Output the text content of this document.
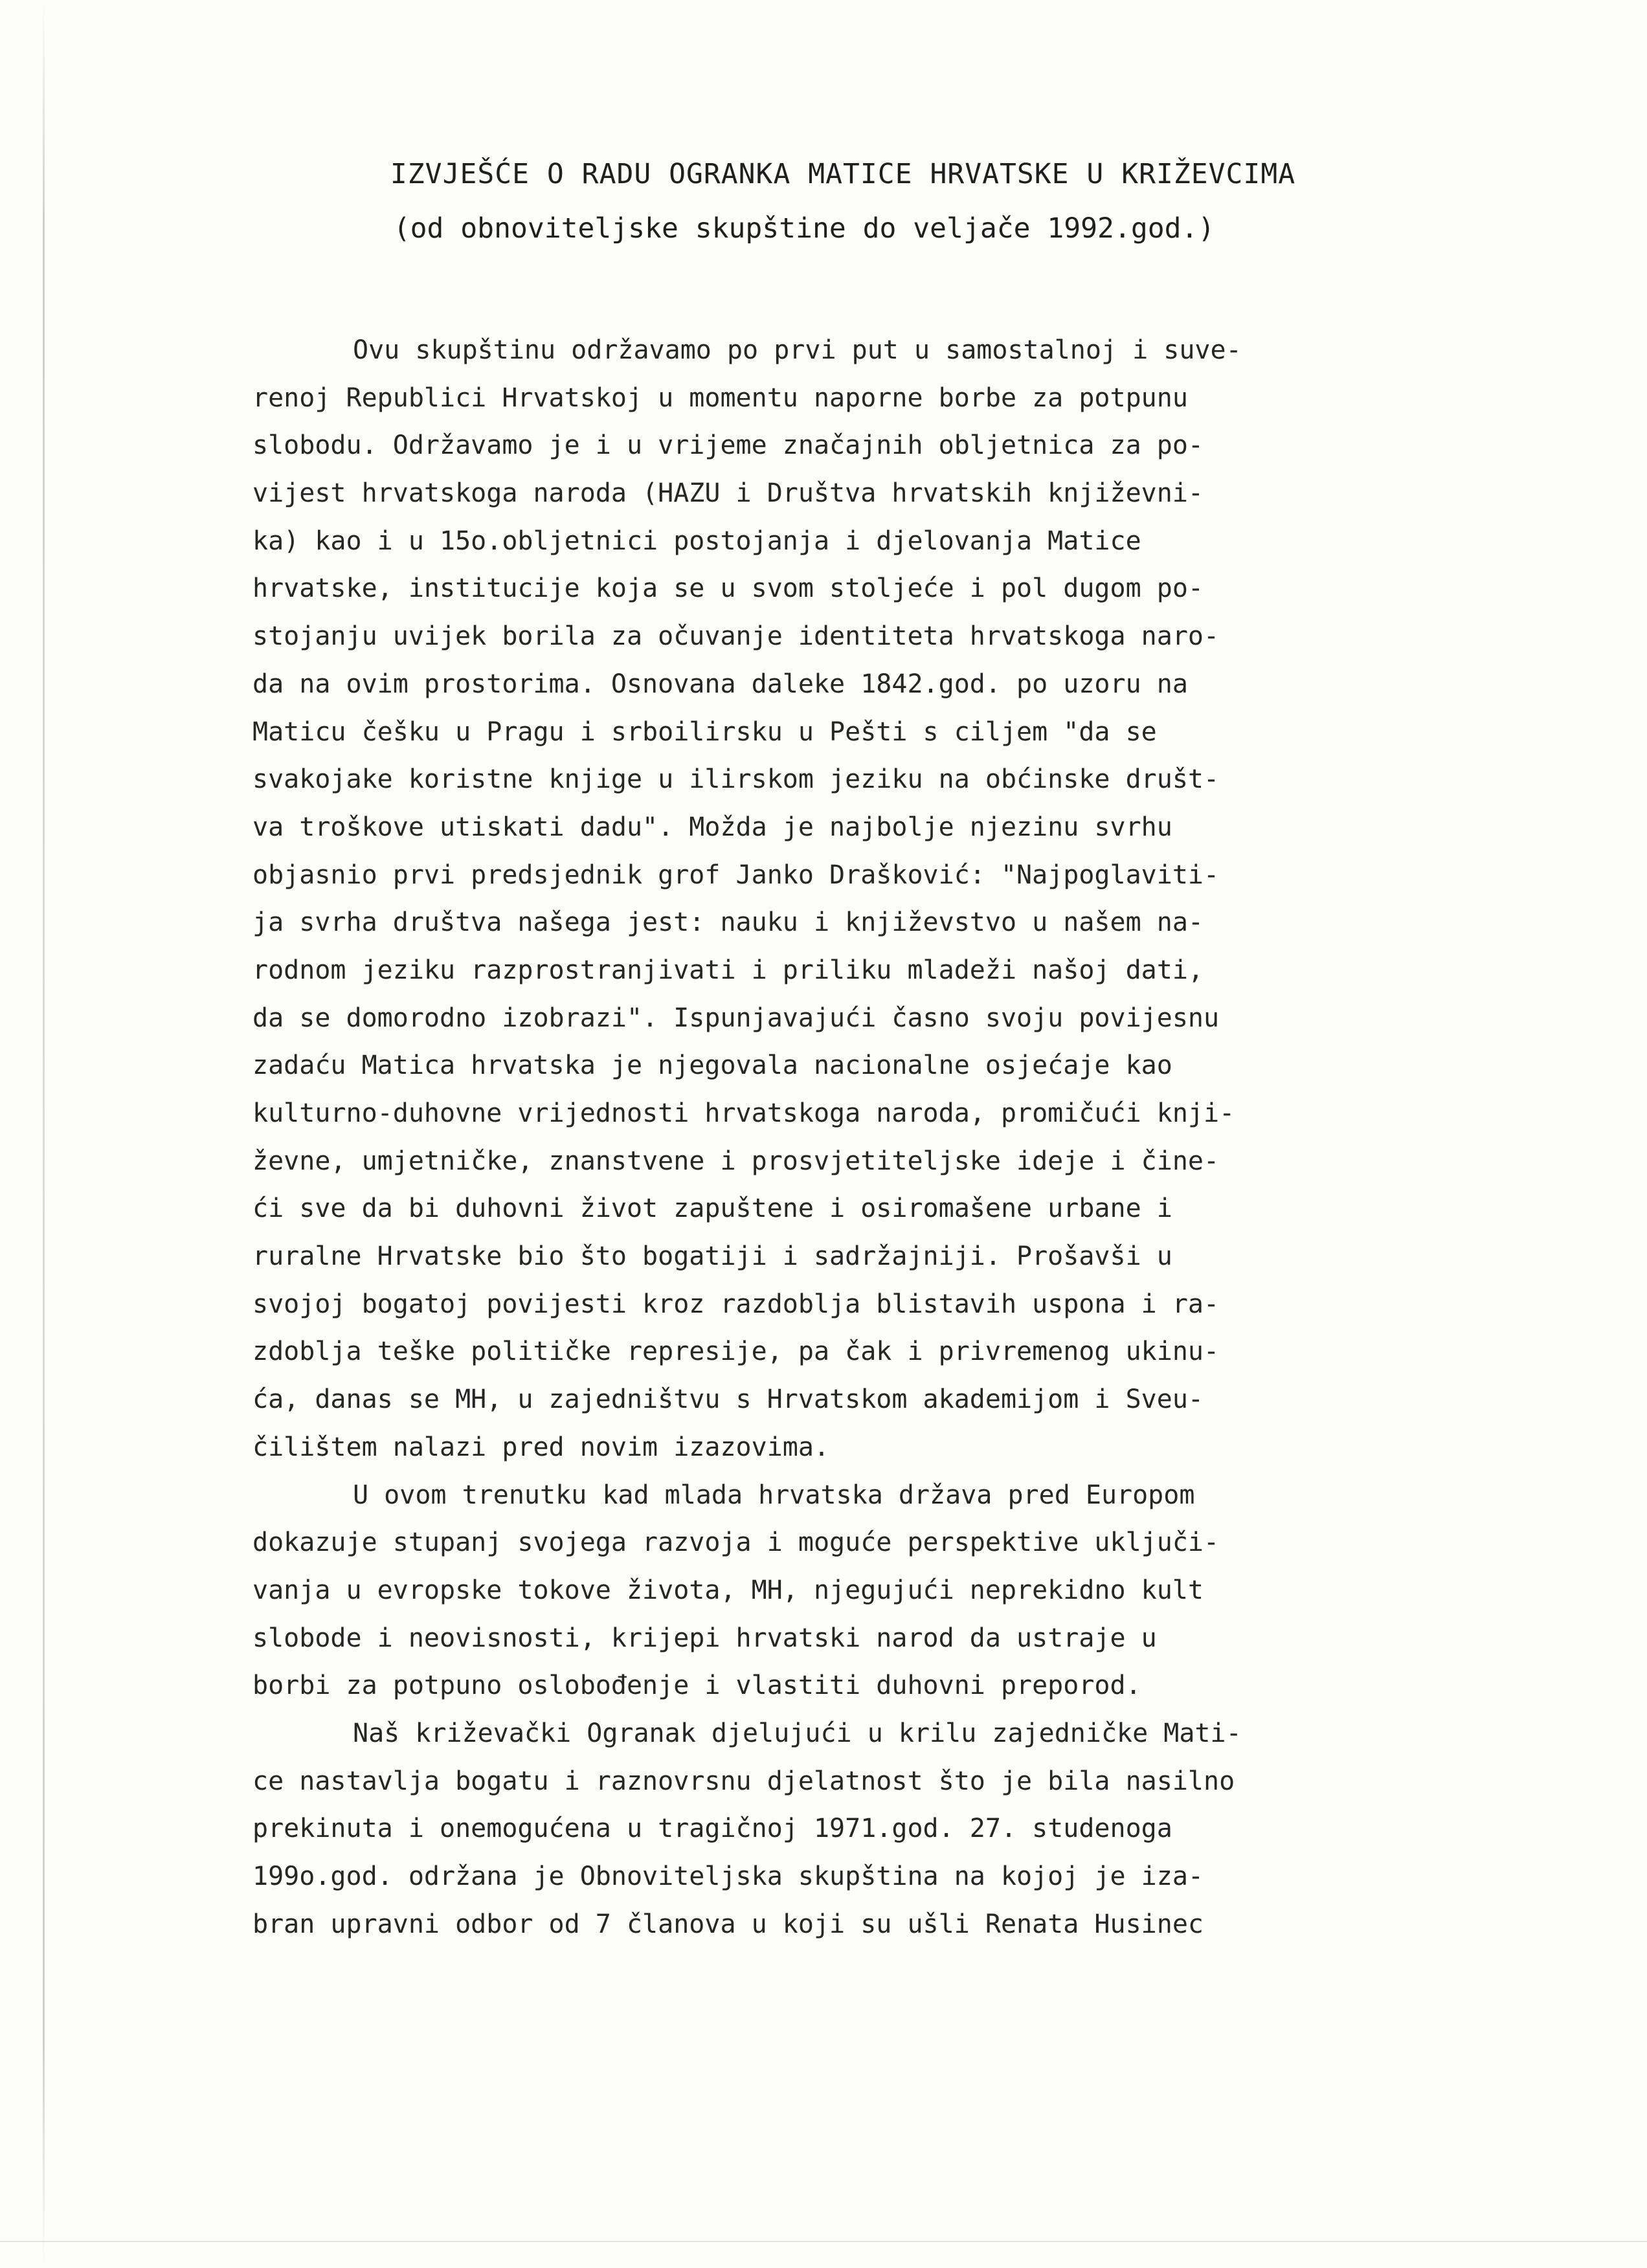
IZVJEŠĆE O RADU OGRANKA MATICE HRVATSKE U KRIŽEVCIMA
(od obnoviteljske skupštine do veljače 1992.god.)
Ovu skupštinu održavamo po prvi put u samostalnoj i suve-
renoj Republici Hrvatskoj u momentu naporne borbe za potpunu
slobodu. Održavamo je i u vrijeme značajnih obljetnica za po-
vijest hrvatskoga naroda (HAZU i Društva hrvatskih književni-
ka) kao i u 15o.obljetnici postojanja i djelovanja Matice
hrvatske, institucije koja se u svom stoljeće i pol dugom po-
stojanju uvijek borila za očuvanje identiteta hrvatskoga naro-
da na ovim prostorima. Osnovana daleke 1842.god. po uzoru na
Maticu češku u Pragu i srboilirsku u Pešti s ciljem "da se
svakojake koristne knjige u ilirskom jeziku na obćinske društ-
va troškove utiskati dadu". Možda je najbolje njezinu svrhu
objasnio prvi predsjednik grof Janko Drašković: "Najpoglaviti-
ja svrha društva našega jest: nauku i književstvo u našem na-
rodnom jeziku razprostranjivati i priliku mladeži našoj dati,
da se domorodno izobrazi". Ispunjavajući časno svoju povijesnu
zadaću Matica hrvatska je njegovala nacionalne osjećaje kao
kulturno-duhovne vrijednosti hrvatskoga naroda, promičući knji-
ževne, umjetničke, znanstvene i prosvjetiteljske ideje i čine-
ći sve da bi duhovni život zapuštene i osiromašene urbane i
ruralne Hrvatske bio što bogatiji i sadržajniji. Prošavši u
svojoj bogatoj povijesti kroz razdoblja blistavih uspona i ra-
zdoblja teške političke represije, pa čak i privremenog ukinu-
ća, danas se MH, u zajedništvu s Hrvatskom akademijom i Sveu-
čilištem nalazi pred novim izazovima.
U ovom trenutku kad mlada hrvatska država pred Europom
dokazuje stupanj svojega razvoja i moguće perspektive uključi-
vanja u evropske tokove života, MH, njegujući neprekidno kult
slobode i neovisnosti, krijepi hrvatski narod da ustraje u
borbi za potpuno oslobođenje i vlastiti duhovni preporod.
Naš križevački Ogranak djelujući u krilu zajedničke Mati-
ce nastavlja bogatu i raznovrsnu djelatnost što je bila nasilno
prekinuta i onemogućena u tragičnoj 1971.god. 27. studenoga
199o.god. održana je Obnoviteljska skupština na kojoj je iza-
bran upravni odbor od 7 članova u koji su ušli Renata Husinec
